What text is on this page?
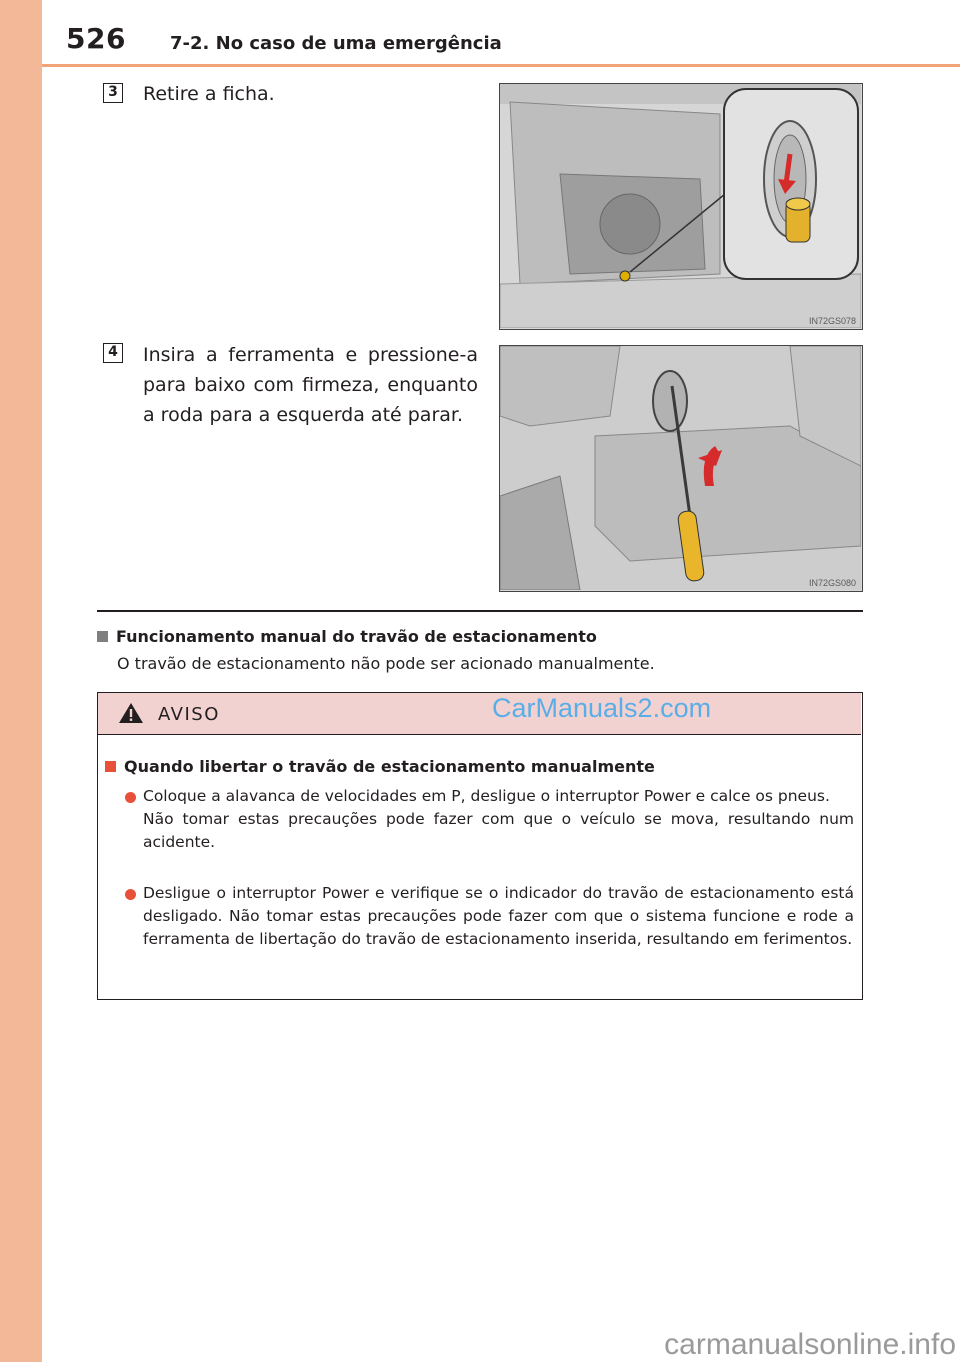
526 7-2. No caso de uma emergência
3 Retire a ficha.
IN72GS078
4 Insira a ferramenta e pressione-a para baixo com firmeza, enquanto a roda para a esquerda até parar.
IN72GS080
Funcionamento manual do travão de estacionamento
O travão de estacionamento não pode ser acionado manualmente.
AVISO	CarManuals2.com
Quando libertar o travão de estacionamento manualmente
Coloque a alavanca de velocidades em P, desligue o interruptor Power e calce os pneus.
Não tomar estas precauções pode fazer com que o veículo se mova, resultando num acidente.
Desligue o interruptor Power e verifique se o indicador do travão de estacionamento está desligado. Não tomar estas precauções pode fazer com que o sistema funcione e rode a ferramenta de libertação do travão de estacionamento inserida, resultando em ferimentos.
carmanualsonline.info
